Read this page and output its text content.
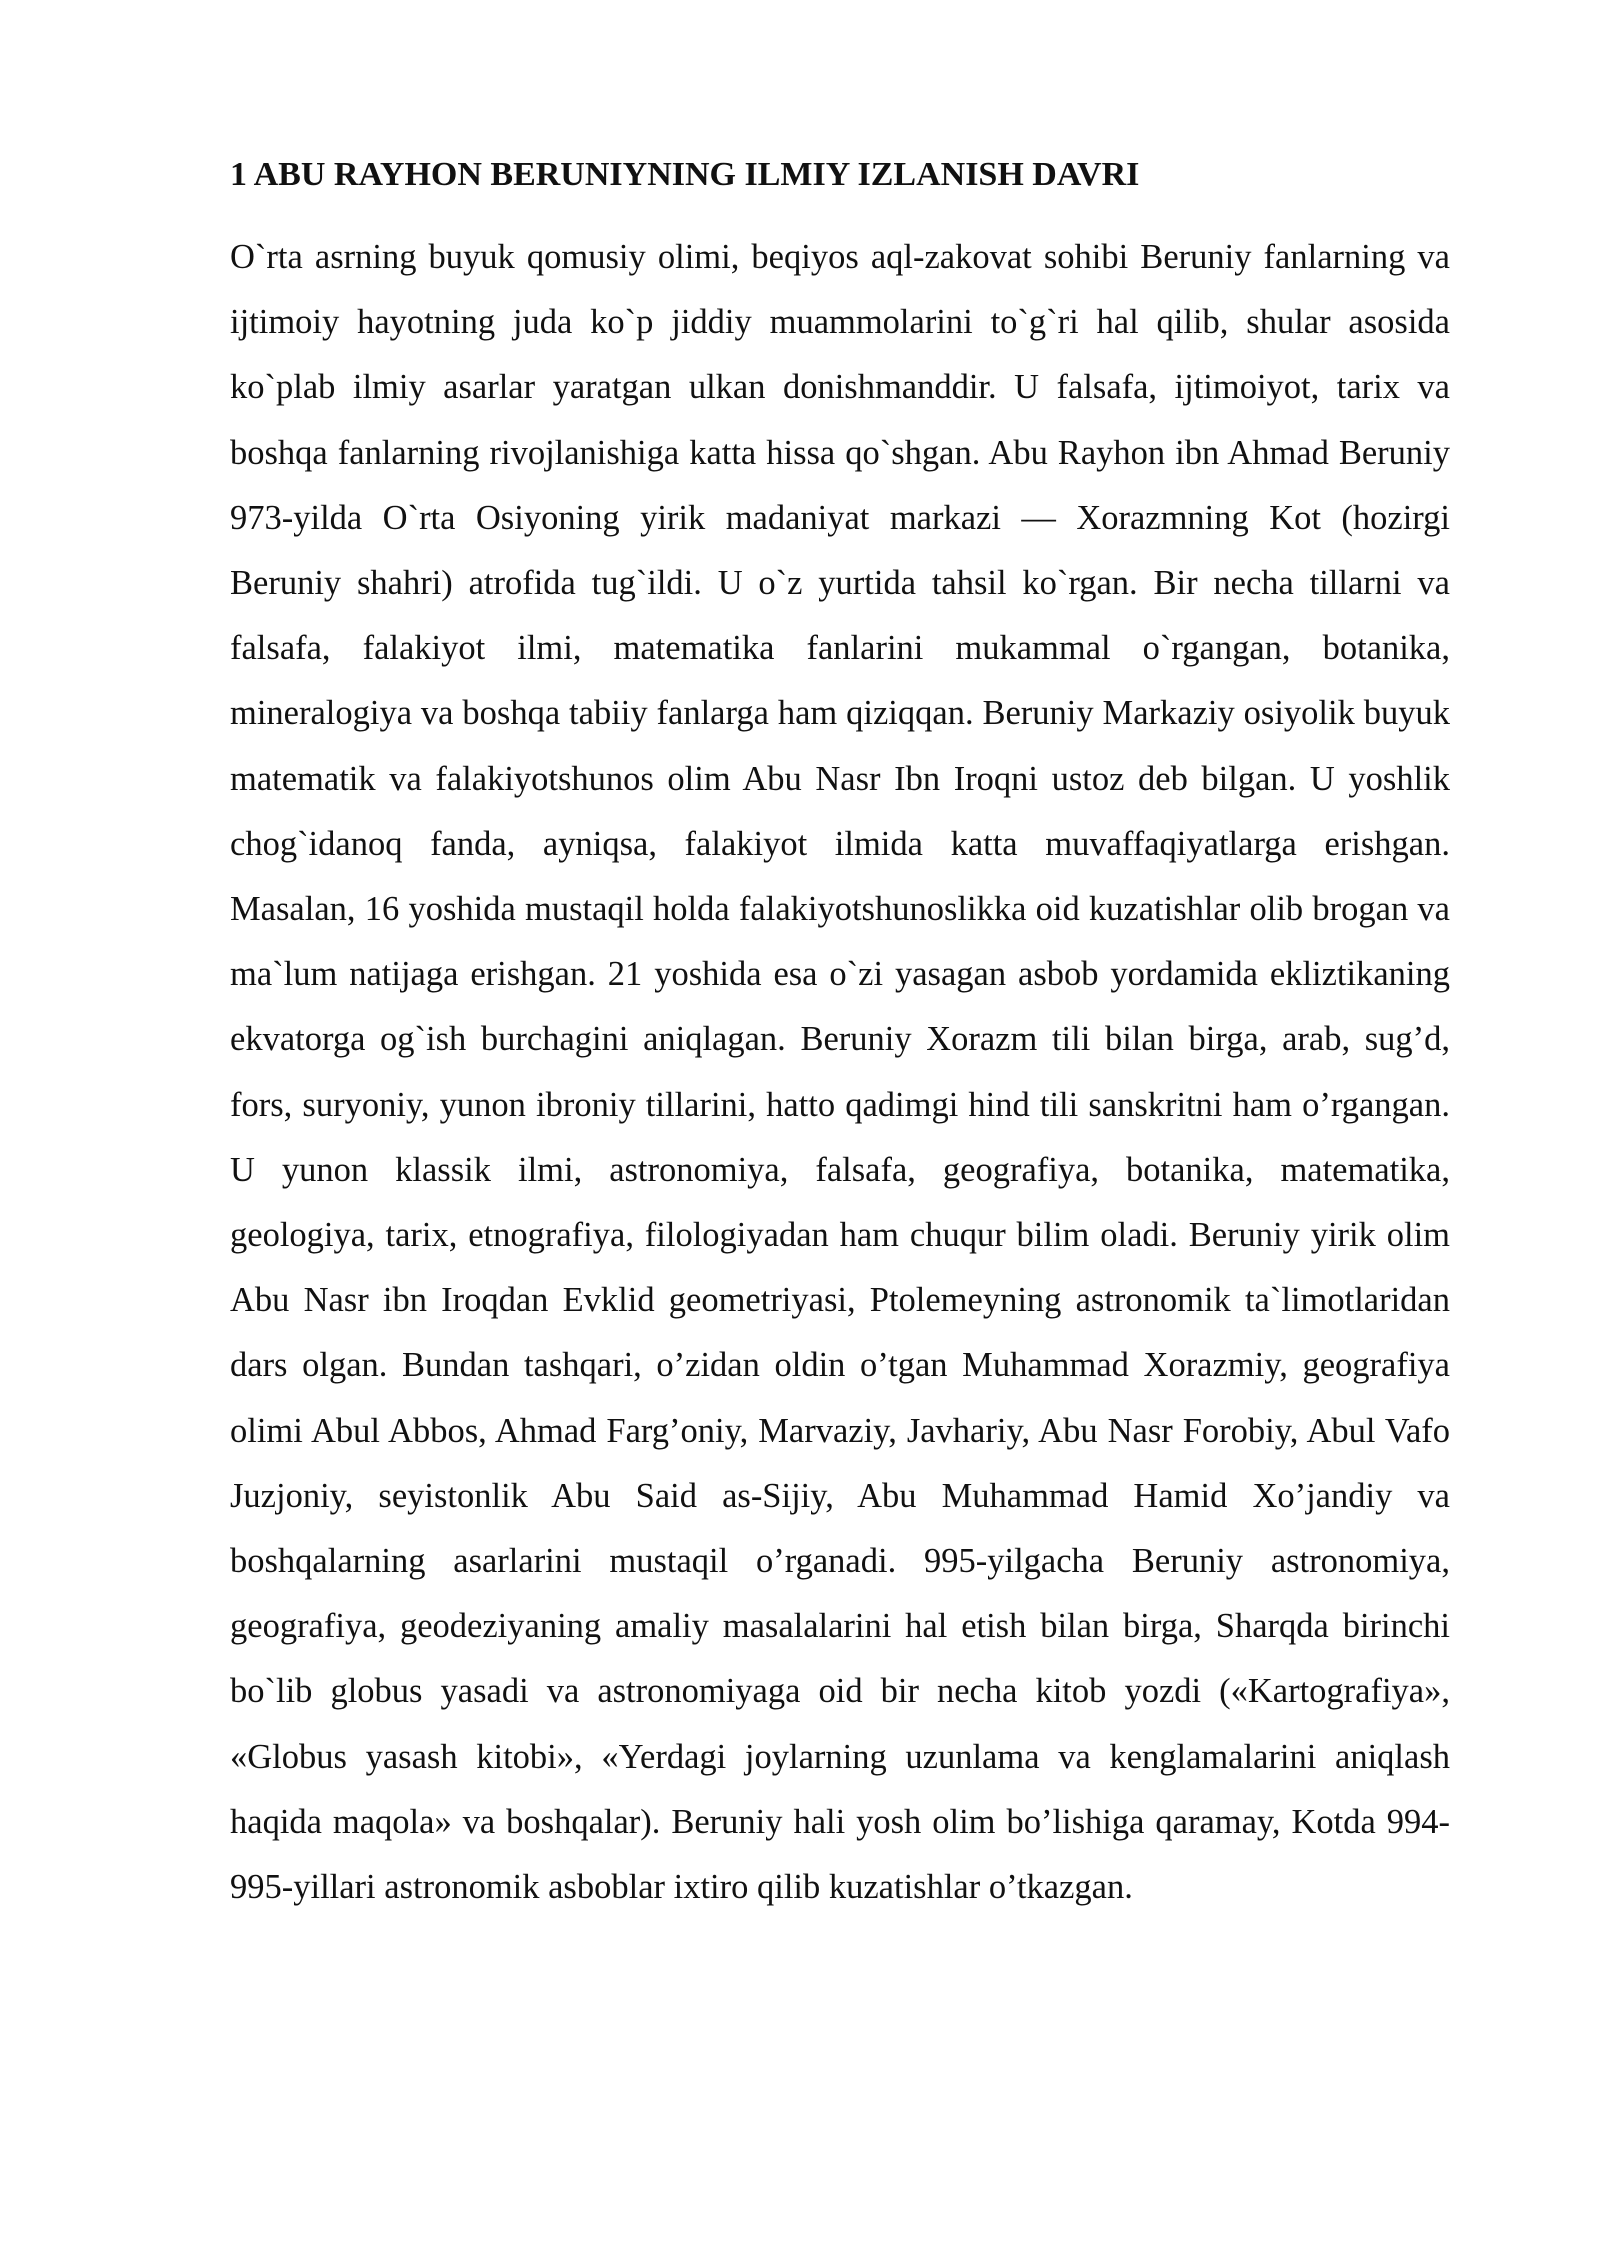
1 ABU RAYHON BERUNIYNING ILMIY IZLANISH DAVRI

O`rta asrning buyuk qomusiy olimi, beqiyos aql-zakovat sohibi Beruniy fanlarning va ijtimoiy hayotning juda ko`p jiddiy muammolarini to`g`ri hal qilib, shular asosida ko`plab ilmiy asarlar yaratgan ulkan donishmanddir. U falsafa, ijtimoiyot, tarix va boshqa fanlarning rivojlanishiga katta hissa qo`shgan. Abu Rayhon ibn Ahmad Beruniy 973-yilda O`rta Osiyoning yirik madaniyat markazi — Xorazmning Kot (hozirgi Beruniy shahri) atrofida tug`ildi. U o`z yurtida tahsil ko`rgan. Bir necha tillarni va falsafa, falakiyot ilmi, matematika fanlarini mukammal o`rgangan, botanika, mineralogiya va boshqa tabiiy fanlarga ham qiziqqan. Beruniy Markaziy osiyolik buyuk matematik va falakiyotshunos olim Abu Nasr Ibn Iroqni ustoz deb bilgan. U yoshlik chog`idanoq fanda, ayniqsa, falakiyot ilmida katta muvaffaqiyatlarga erishgan. Masalan, 16 yoshida mustaqil holda falakiyotshunoslikka oid kuzatishlar olib brogan va ma`lum natijaga erishgan. 21 yoshida esa o`zi yasagan asbob yordamida ekliztikaning ekvatorga og`ish burchagini aniqlagan. Beruniy Xorazm tili bilan birga, arab, sug’d, fors, suryoniy, yunon ibroniy tillarini, hatto qadimgi hind tili sanskritni ham o’rgangan. U yunon klassik ilmi, astronomiya, falsafa, geografiya, botanika, matematika, geologiya, tarix, etnografiya, filologiyadan ham chuqur bilim oladi. Beruniy yirik olim Abu Nasr ibn Iroqdan Evklid geometriyasi, Ptolemeyning astronomik ta`limotlaridan dars olgan. Bundan tashqari, o’zidan oldin o’tgan Muhammad Xorazmiy, geografiya olimi Abul Abbos, Ahmad Farg’oniy, Marvaziy, Javhariy, Abu Nasr Forobiy, Abul Vafo Juzjoniy, seyistonlik Abu Said as-Sijiy, Abu Muhammad Hamid Xo’jandiy va boshqalarning asarlarini mustaqil o’rganadi. 995-yilgacha Beruniy astronomiya, geografiya, geodeziyaning amaliy masalalarini hal etish bilan birga, Sharqda birinchi bo`lib globus yasadi va astronomiyaga oid bir necha kitob yozdi («Kartografiya», «Globus yasash kitobi», «Yerdagi joylarning uzunlama va kenglamalarini aniqlash haqida maqola» va boshqalar). Beruniy hali yosh olim bo’lishiga qaramay, Kotda 994-995-yillari astronomik asboblar ixtiro qilib kuzatishlar o’tkazgan.
